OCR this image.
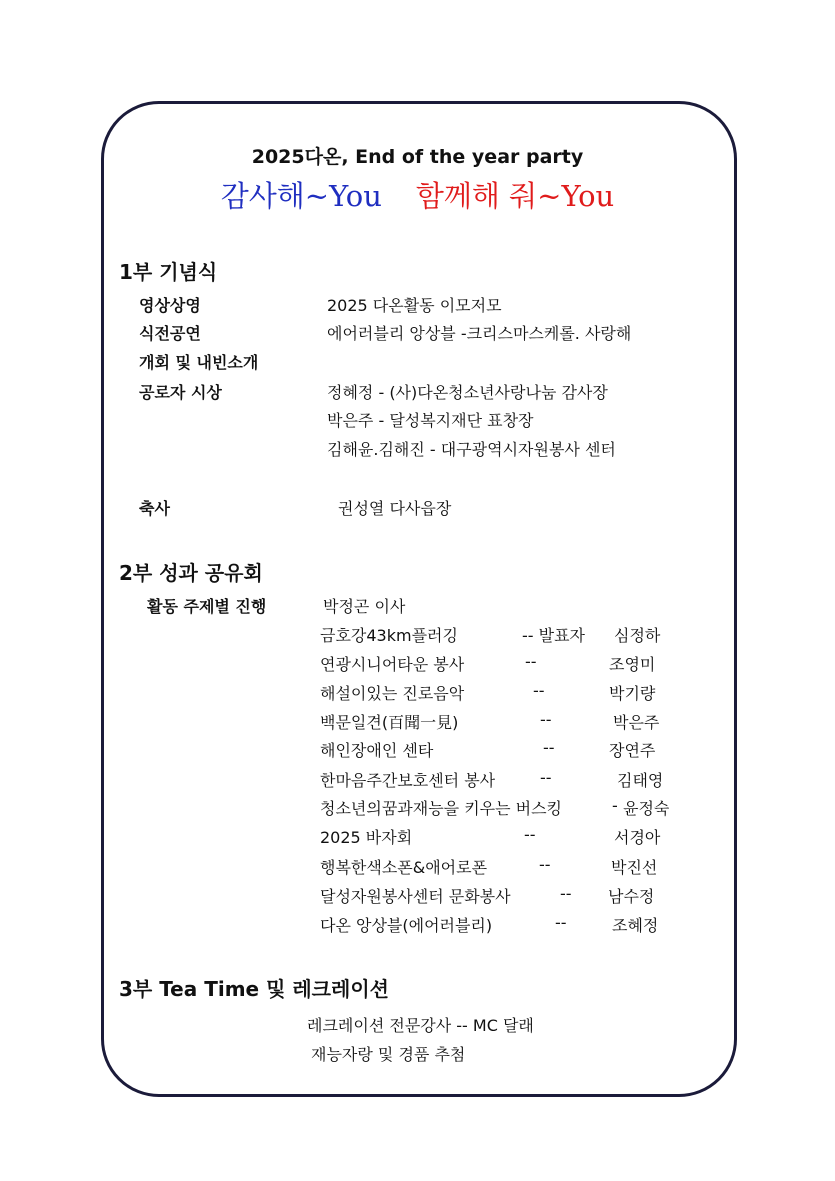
2025다온, End of the year party
감사해~You 함께해 줘~You
1부 기념식
영상상영	2025 다온활동 이모저모
식전공연	에어러블리 앙상블 -크리스마스케롤. 사랑해
개회 및 내빈소개
공로자 시상	정혜정 - (사)다온청소년사랑나눔 감사장
박은주 - 달성복지재단 표창장
김해윤.김해진 - 대구광역시자원봉사 센터
축사	권성열 다사읍장
2부 성과 공유회
활동 주제별 진행	박정곤 이사
금호강43km플러깅	-- 발표자 심정하
연광시니어타운 봉사	--	조영미
해설이있는 진로음악	--	박기량
백문일견(百聞一見)	--	박은주
해인장애인 센타	--	장연주
한마음주간보호센터 봉사	--	김태영
청소년의꿈과재능을 키우는 버스킹	- 윤정숙
2025 바자회	--	서경아
행복한색소폰&애어로폰	--	박진선
달성자원봉사센터 문화봉사	-- 남수정
다온 앙상블(에어러블리)	--	조혜정
3부 Tea Time 및 레크레이션
레크레이션 전문강사 -- MC 달래
재능자랑 및 경품 추첨
